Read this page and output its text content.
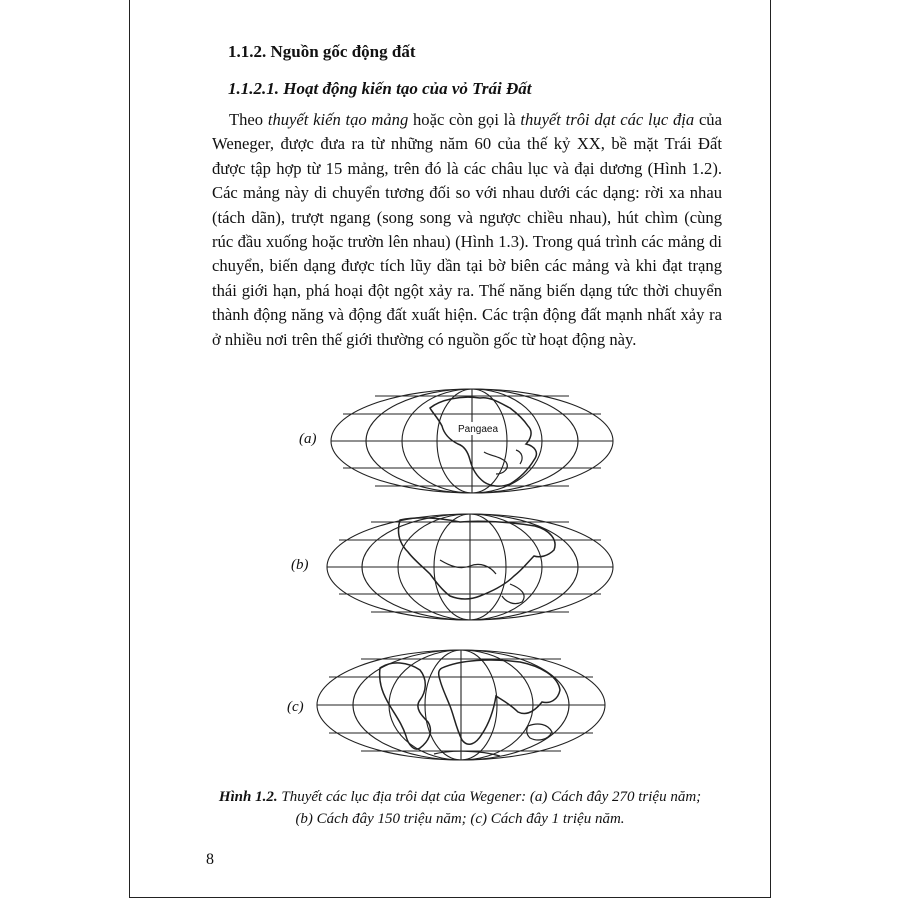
1.1.2. Nguồn gốc động đất
1.1.2.1. Hoạt động kiến tạo của vỏ Trái Đất
Theo thuyết kiến tạo mảng hoặc còn gọi là thuyết trôi dạt các lục địa của Weneger, được đưa ra từ những năm 60 của thế kỷ XX, bề mặt Trái Đất được tập hợp từ 15 mảng, trên đó là các châu lục và đại dương (Hình 1.2). Các mảng này di chuyển tương đối so với nhau dưới các dạng: rời xa nhau (tách dãn), trượt ngang (song song và ngược chiều nhau), hút chìm (cùng rúc đầu xuống hoặc trườn lên nhau) (Hình 1.3). Trong quá trình các mảng di chuyển, biến dạng được tích lũy dần tại bờ biên các mảng và khi đạt trạng thái giới hạn, phá hoại đột ngột xảy ra. Thế năng biến dạng tức thời chuyển thành động năng và động đất xuất hiện. Các trận động đất mạnh nhất xảy ra ở nhiều nơi trên thế giới thường có nguồn gốc từ hoạt động này.
(a)
(b)
(c)
Pangaea
Hình 1.2. Thuyết các lục địa trôi dạt của Wegener: (a) Cách đây 270 triệu năm; (b) Cách đây 150 triệu năm; (c) Cách đây 1 triệu năm.
8
